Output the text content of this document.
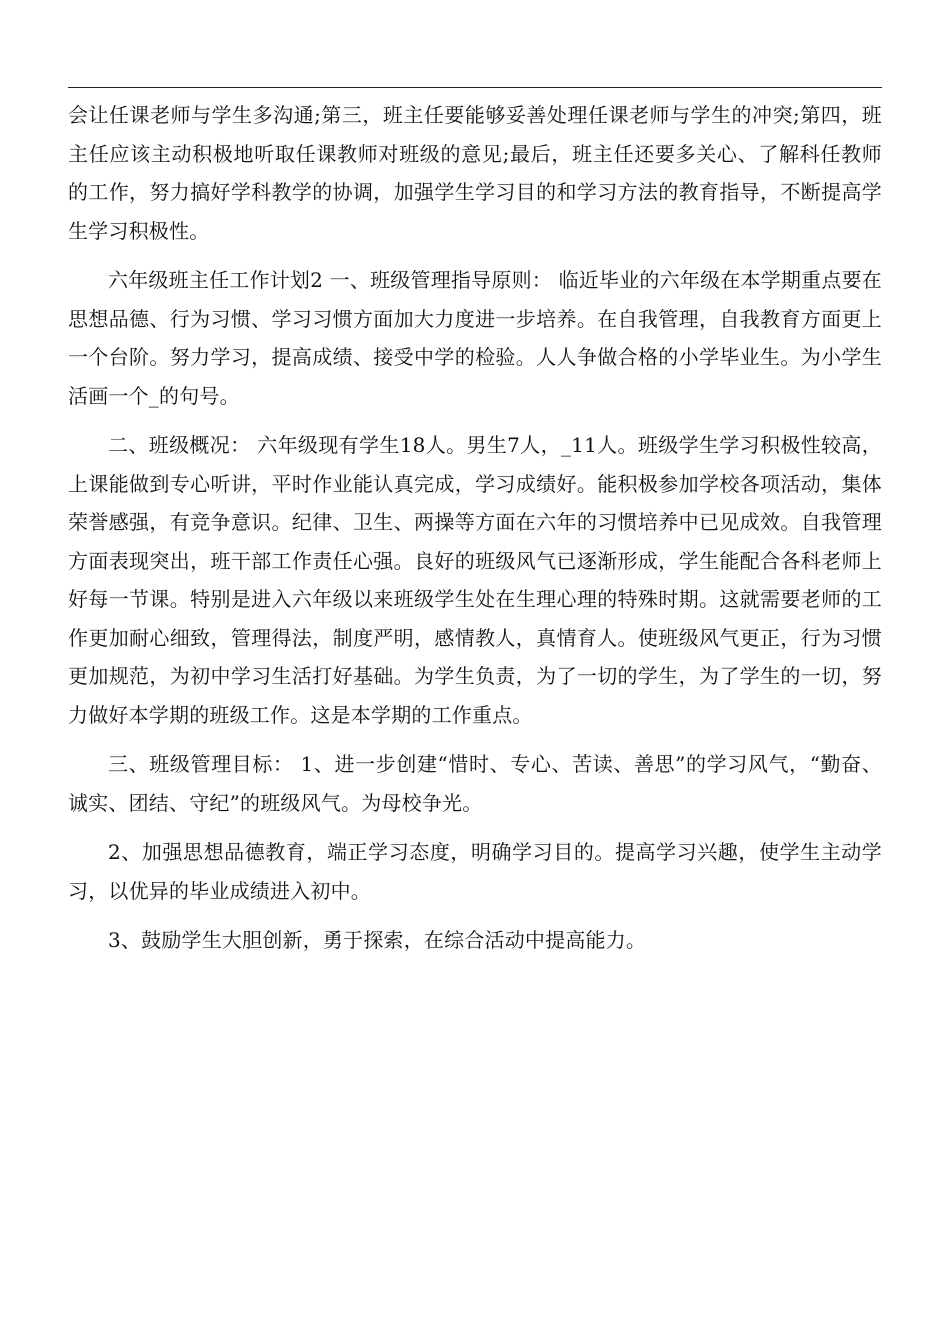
会让任课老师与学生多沟通;第三，班主任要能够妥善处理任课老师与学生的冲突;第四，班主任应该主动积极地听取任课教师对班级的意见;最后，班主任还要多关心、了解科任教师的工作，努力搞好学科教学的协调，加强学生学习目的和学习方法的教育指导，不断提高学生学习积极性。

六年级班主任工作计划2 一、班级管理指导原则： 临近毕业的六年级在本学期重点要在思想品德、行为习惯、学习习惯方面加大力度进一步培养。在自我管理，自我教育方面更上一个台阶。努力学习，提高成绩、接受中学的检验。人人争做合格的小学毕业生。为小学生活画一个_的句号。

二、班级概况： 六年级现有学生18人。男生7人，_11人。班级学生学习积极性较高，上课能做到专心听讲，平时作业能认真完成，学习成绩好。能积极参加学校各项活动，集体荣誉感强，有竞争意识。纪律、卫生、两操等方面在六年的习惯培养中已见成效。自我管理方面表现突出，班干部工作责任心强。良好的班级风气已逐渐形成，学生能配合各科老师上好每一节课。特别是进入六年级以来班级学生处在生理心理的特殊时期。这就需要老师的工作更加耐心细致，管理得法，制度严明，感情教人，真情育人。使班级风气更正，行为习惯更加规范，为初中学习生活打好基础。为学生负责，为了一切的学生，为了学生的一切，努力做好本学期的班级工作。这是本学期的工作重点。

三、班级管理目标： 1、进一步创建“惜时、专心、苦读、善思”的学习风气，“勤奋、诚实、团结、守纪”的班级风气。为母校争光。

2、加强思想品德教育，端正学习态度，明确学习目的。提高学习兴趣，使学生主动学习，以优异的毕业成绩进入初中。

3、鼓励学生大胆创新，勇于探索，在综合活动中提高能力。
